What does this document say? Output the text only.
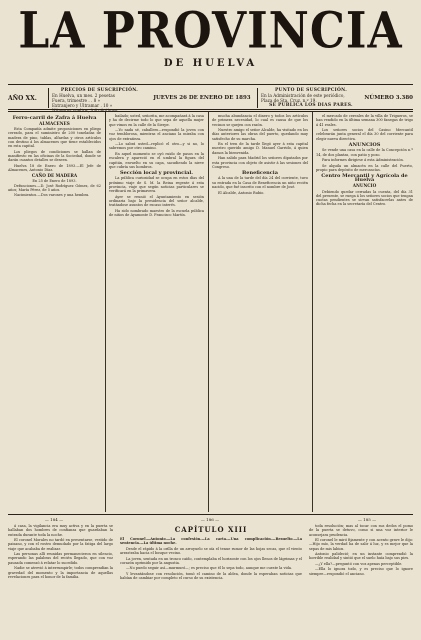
LA PROVINCIA
DE HUELVA
AÑO XX.
PRECIOS DE SUSCRIPCIÓN.
En Huelva, un mes. 2 pesetas
Fuera, trimestre . . 8 »
Extranjero y Ultramar . 10 »
Números sueltos, á 4 céntimos.
JUEVES 26 DE ENERO DE 1893
PUNTO DE SUSCRIPCIÓN.
En la Administración de este periódico,
Plaza de Sta. Cruz. n.º 19.
SE PUBLICA LOS DIAS PARES.
NÚMERO 3.380
Ferro-carril de Zafra á Huelva
ALMACENES

Esta Compañía admite proposiciones en pliego cerrado, para el suministro de 200 toneladas de madera de pino, tablas, alfardas y otros artículos con destino á los almacenes que tiene establecidos en esta capital.

Los pliegos de condiciones se hallan de manifiesto en las oficinas de la Sociedad, donde se darán cuantos detalles se deseen.

Huelva 18 de Enero de 1893.—El Jefe de Almacenes, Antonio Díaz.

CAÑO DE MADERA
En 25 de Enero de 1893.

Defunciones.—D. José Rodríguez Gómez, de 62 años; María Pérez, de 5 años.

Nacimientos.—Dos varones y una hembra.

bailado; usted, señorita, me acompañará á la casa y ha de decirme todo lo que sepa de aquella mujer que vimos en la calle de la Sierpe.

—Yo nada sé, caballero—respondió la joven con voz temblorosa, mientras el anciano la miraba con ojos de extrañeza.

—Lo sabrá usted—replicó el otro—y si no, lo sabremos por otro camino.

En aquel momento se oyó ruido de pasos en la escalera y apareció en el umbral la figura del capitán, envuelto en su capa, sacudiendo la nieve que cubría sus hombros.

Sección local y provincial.

La pública curiosidad se ocupa en estos días del próximo viaje de S. M. la Reina regente á esta provincia, viaje que según noticias particulares se verificará en la primavera.

Ayer se reunió el Ayuntamiento en sesión ordinaria bajo la presidencia del señor alcalde, tratándose asuntos de escaso interés.

Ha sido nombrado maestro de la escuela pública de niños de Ayamonte D. Francisco Martín.

mucha abundancia el dinero y todos los artículos de primera necesidad, lo cual es causa de que los vecinos se quejen con razón.

Nuestro amigo el señor Alcalde, ha visitado en los días anteriores las obras del puerto, quedando muy satisfecho de su marcha.

En el tren de la tarde llegó ayer á esta capital nuestro querido amigo D. Manuel Garrido, á quien damos la bienvenida.

Han salido para Madrid los señores diputados por esta provincia con objeto de asistir á las sesiones del Congreso.

Beneficencia

A la una de la tarde del día 24 del corriente, tuvo su entrada en la Casa de Beneficencia un niño recién nacido, que fué inscrito con el nombre de José.

El Alcalde, Antonio Rubio.

el mercado de cereales de la villa de Trigueros, se han vendido en la última semana 300 fanegas de trigo á 41 reales.

Los señores socios del Casino Mercantil celebrarán junta general el día 30 del corriente para elegir nueva directiva.

ANUNCIOS

Se vende una casa en la calle de la Concepción n.º 14, de dos plantas, con patio y pozo.

Para informes dirigirse á esta Administración.

Se alquila un almacén en la calle del Puerto, propio para depósito de mercancías.

Centro Mercantil y Agrícola de Huelva
ANUNCIO

Debiendo quedar cerradas la cuenta, del día 31 del presente, se ruega á los señores socios que tengan cuotas pendientes se sirvan satisfacerlas antes de dicha fecha en la secretaría del Centro.

— 184 —	— 186 —	— 185 —

á casa, la vigilancia era muy activa y en la puerta se hallaban dos hombres de confianza que guardaban la entrada durante toda la noche.

El coronel Morales no tardó en presentarse, vestido de paisano, y con el rostro demudado por la fatiga del largo viaje que acababa de realizar.

Las personas allí reunidas permanecieron en silencio, esperando las palabras del recién llegado, que con voz pausada comenzó á relatar lo sucedido.

Nadie se atrevió á interrumpirle; todos comprendían la gravedad del momento y la importancia de aquellas revelaciones para el honor de la familia.

CAPÍTULO XIII

El Coronel.—Antonio.—La confesión.—La carta.—Una complicación.—Resuelto.—La sentencia.—La última noche.

Desde el rápido á la orilla de un arroyuelo se oía el tenue rumor de las hojas secas, que el viento arrastraba hacia el bosque vecino.

La joven, sentada en un tronco caído, contemplaba el horizonte con los ojos llenos de lágrimas y el corazón oprimido por la angustia.

—No puedo seguir así—murmuró—; es preciso que él lo sepa todo, aunque me cueste la vida.

Y levantándose con resolución, tomó el camino de la aldea, donde la esperaban noticias que habían de cambiar por completo el curso de su existencia.

toda resolución; mas al tocar con sus dedos el pomo de la puerta se detuvo, como si una voz interior le aconsejara prudencia.

El coronel le miró fijamente y con acento grave le dijo: —Hijo mío, la verdad ha de salir á luz, y es mejor que la sepas de mis labios.

Antonio palideció; en un instante comprendió la horrible realidad y sintió que el suelo huía bajo sus pies.

—¿Y ella?—preguntó con voz apenas perceptible.

—Ella lo ignora todo, y es preciso que lo ignore siempre—respondió el anciano.
